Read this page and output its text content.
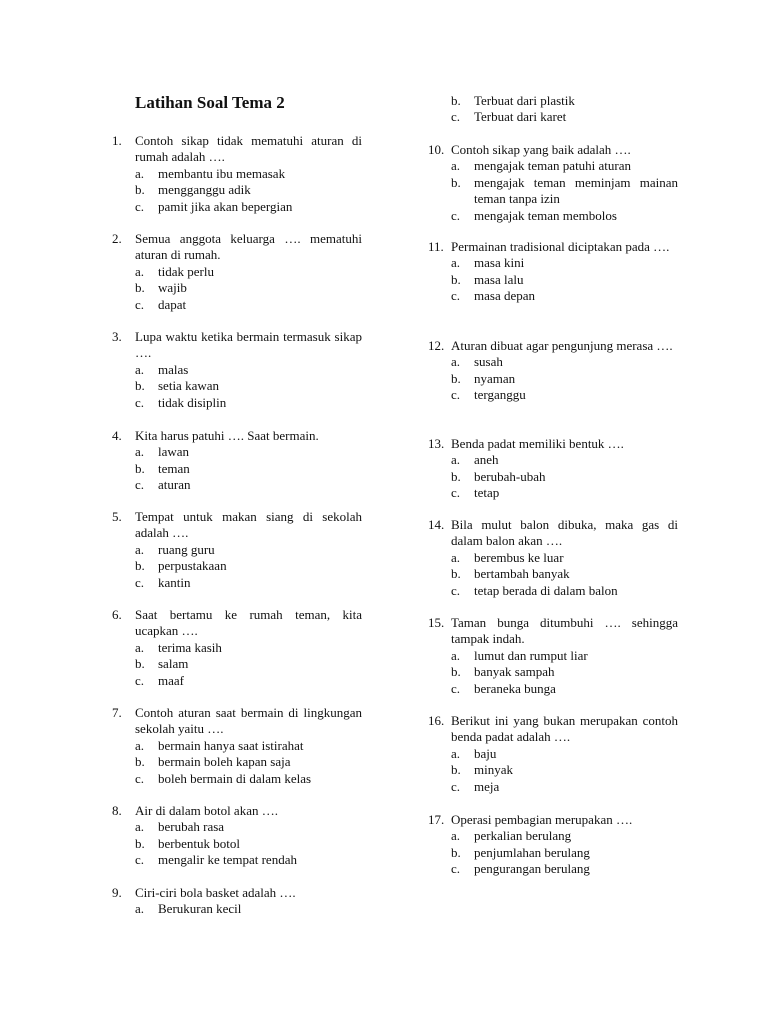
Latihan Soal Tema 2
1.	Contoh sikap tidak mematuhi aturan di rumah adalah ….
a.	membantu ibu memasak
b.	mengganggu adik
c.	pamit jika akan bepergian
2.	Semua anggota keluarga …. mematuhi aturan di rumah.
a.	tidak perlu
b.	wajib
c.	dapat
3.	Lupa waktu ketika bermain termasuk sikap ….
a.	malas
b.	setia kawan
c.	tidak disiplin
4.	Kita harus patuhi …. Saat bermain.
a.	lawan
b.	teman
c.	aturan
5.	Tempat untuk makan siang di sekolah adalah ….
a.	ruang guru
b.	perpustakaan
c.	kantin
6.	Saat bertamu ke rumah teman, kita ucapkan ….
a.	terima kasih
b.	salam
c.	maaf
7.	Contoh aturan saat bermain di lingkungan sekolah yaitu ….
a.	bermain hanya saat istirahat
b.	bermain boleh kapan saja
c.	boleh bermain di dalam kelas
8.	Air di dalam botol akan ….
a.	berubah rasa
b.	berbentuk botol
c.	mengalir ke tempat rendah
9.	Ciri-ciri bola basket adalah ….
a.	Berukuran kecil
b.	Terbuat dari plastik
c.	Terbuat dari karet
10. Contoh sikap yang baik adalah ….
a.	mengajak teman patuhi aturan
b.	mengajak teman meminjam mainan teman tanpa izin
c.	mengajak teman membolos
11. Permainan tradisional diciptakan pada ….
a.	masa kini
b.	masa lalu
c.	masa depan
12. Aturan dibuat agar pengunjung merasa ….
a.	susah
b.	nyaman
c.	terganggu
13. Benda padat memiliki bentuk ….
a.	aneh
b.	berubah-ubah
c.	tetap
14. Bila mulut balon dibuka, maka gas di dalam balon akan ….
a.	berembus ke luar
b.	bertambah banyak
c.	tetap berada di dalam balon
15. Taman bunga ditumbuhi …. sehingga tampak indah.
a.	lumut dan rumput liar
b.	banyak sampah
c.	beraneka bunga
16. Berikut ini yang bukan merupakan contoh benda padat adalah ….
a.	baju
b.	minyak
c.	meja
17. Operasi pembagian merupakan ….
a.	perkalian berulang
b.	penjumlahan berulang
c.	pengurangan berulang
